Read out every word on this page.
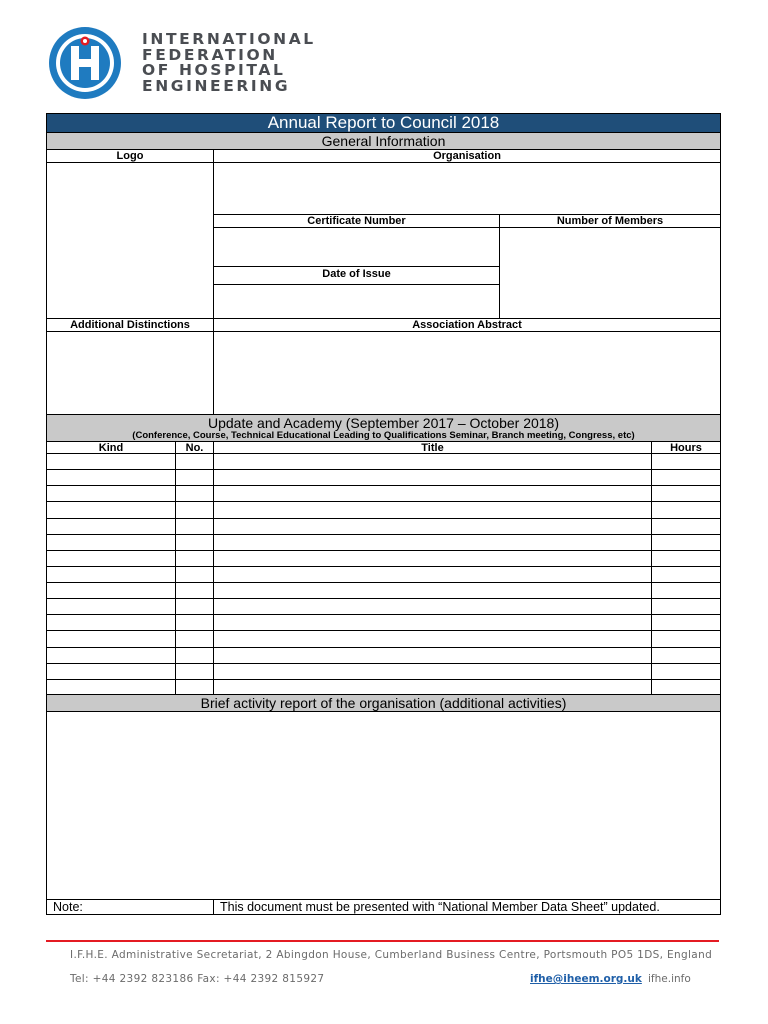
INTERNATIONAL
FEDERATION
OF HOSPITAL
ENGINEERING
Annual Report to Council 2018
General Information
Logo	Organisation
Certificate Number	Number of Members
Date of Issue
Additional Distinctions	Association Abstract
Update and Academy (September 2017 – October 2018)
(Conference, Course, Technical Educational Leading to Qualifications Seminar, Branch meeting, Congress, etc)
Kind	No.	Title	Hours
Brief activity report of the organisation (additional activities)
Note:	This document must be presented with “National Member Data Sheet” updated.
I.F.H.E. Administrative Secretariat, 2 Abingdon House, Cumberland Business Centre, Portsmouth PO5 1DS, England
Tel: +44 2392 823186 Fax: +44 2392 815927	ifhe@iheem.org.uk ifhe.info
